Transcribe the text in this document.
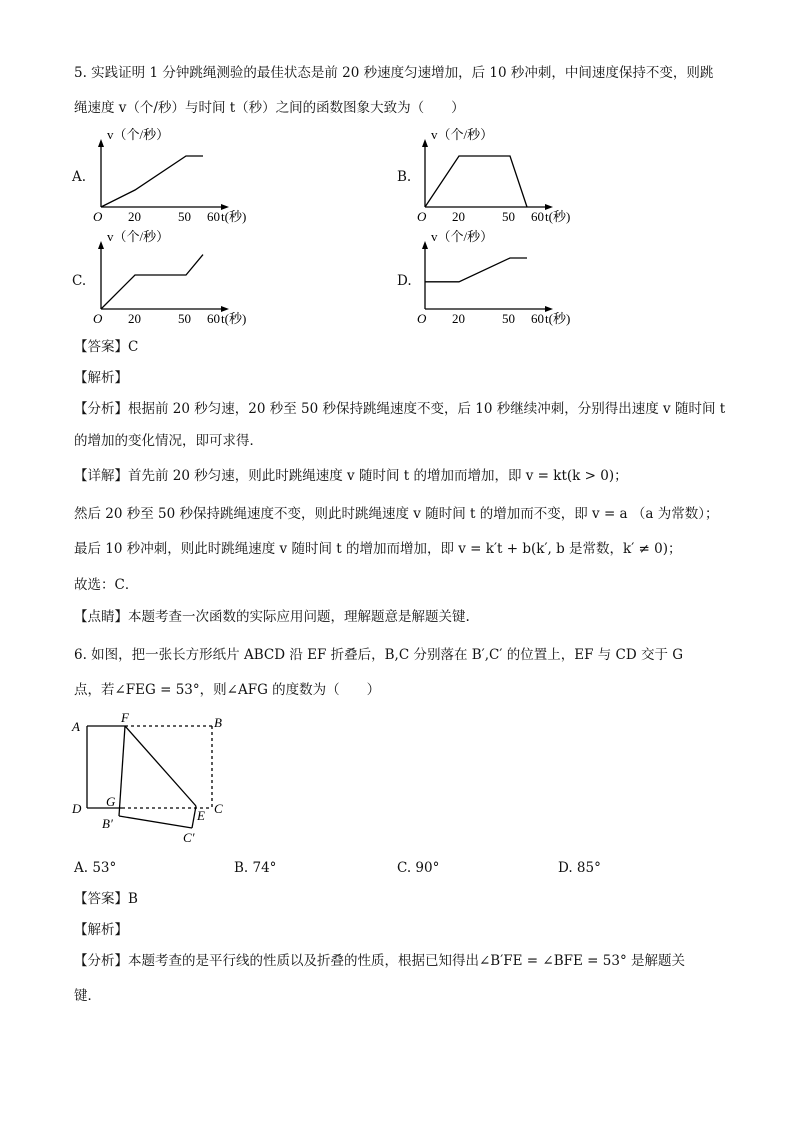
5. 实践证明 1 分钟跳绳测验的最佳状态是前 20 秒速度匀速增加，后 10 秒冲刺，中间速度保持不变，则跳
绳速度 v（个/秒）与时间 t（秒）之间的函数图象大致为（　　）
A.	B.
C.	D.
v（个/秒）
t(秒)
O 20	50 60
v（个/秒）
t(秒)
O 20	50 60
v（个/秒）
t(秒)
O 20	50 60
v（个/秒）
t(秒)
O 20	50 60
【答案】C
【解析】
【分析】根据前 20 秒匀速，20 秒至 50 秒保持跳绳速度不变，后 10 秒继续冲刺，分别得出速度 v 随时间 t
的增加的变化情况，即可求得．
【详解】首先前 20 秒匀速，则此时跳绳速度 v 随时间 t 的增加而增加，即 v = kt(k > 0)；
然后 20 秒至 50 秒保持跳绳速度不变，则此时跳绳速度 v 随时间 t 的增加而不变，即 v = a （a 为常数）；
最后 10 秒冲刺，则此时跳绳速度 v 随时间 t 的增加而增加，即 v = k′t + b(k′, b 是常数，k′ ≠ 0)；
故选：C．
【点睛】本题考查一次函数的实际应用问题，理解题意是解题关键.
6. 如图，把一张长方形纸片 ABCD 沿 EF 折叠后，B,C 分别落在 B′,C′ 的位置上，EF 与 CD 交于 G
点，若∠FEG = 53°，则∠AFG 的度数为（　　）
A
F	B
D G
E C
B′
C′
A. 53°	B. 74°	C. 90°	D. 85°
【答案】B
【解析】
【分析】本题考查的是平行线的性质以及折叠的性质，根据已知得出∠B′FE = ∠BFE = 53° 是解题关
键．
